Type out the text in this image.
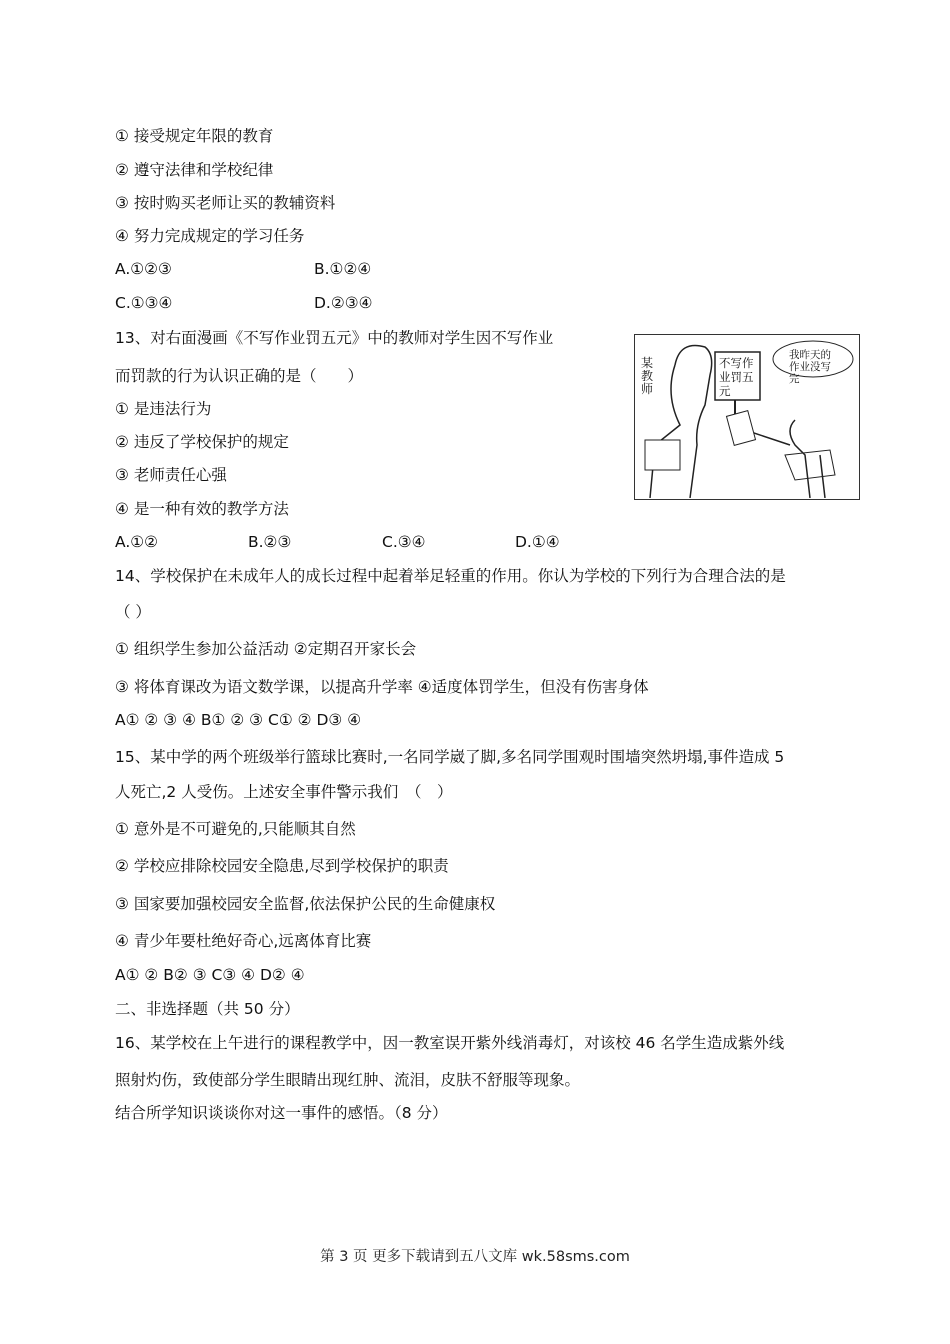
① 接受规定年限的教育
② 遵守法律和学校纪律
③ 按时购买老师让买的教辅资料
④ 努力完成规定的学习任务
A.①②③	B.①②④
C.①③④	D.②③④
13、对右面漫画《不写作业罚五元》中的教师对学生因不写作业
而罚款的行为认识正确的是（　　）
① 是违法行为
② 违反了学校保护的规定
③ 老师责任心强
④ 是一种有效的教学方法
A.①②	B.②③	C.③④	D.①④
某教师
不写作业罚五元
我昨天的作业没写完
14、学校保护在未成年人的成长过程中起着举足轻重的作用。你认为学校的下列行为合理合法的是
（ ）
① 组织学生参加公益活动 ②定期召开家长会
③ 将体育课改为语文数学课，以提高升学率 ④适度体罚学生，但没有伤害身体
A① ② ③ ④ B① ② ③ C① ② D③ ④
15、某中学的两个班级举行篮球比赛时,一名同学崴了脚,多名同学围观时围墙突然坍塌,事件造成 5
人死亡,2 人受伤。上述安全事件警示我们　（　）
① 意外是不可避免的,只能顺其自然
② 学校应排除校园安全隐患,尽到学校保护的职责
③ 国家要加强校园安全监督,依法保护公民的生命健康权
④ 青少年要杜绝好奇心,远离体育比赛
A① ② B② ③ C③ ④ D② ④
二、非选择题（共 50 分）
16、某学校在上午进行的课程教学中，因一教室误开紫外线消毒灯，对该校 46 名学生造成紫外线
照射灼伤，致使部分学生眼睛出现红肿、流泪，皮肤不舒服等现象。
结合所学知识谈谈你对这一事件的感悟。（8 分）
第 3 页 更多下载请到五八文库 wk.58sms.com
